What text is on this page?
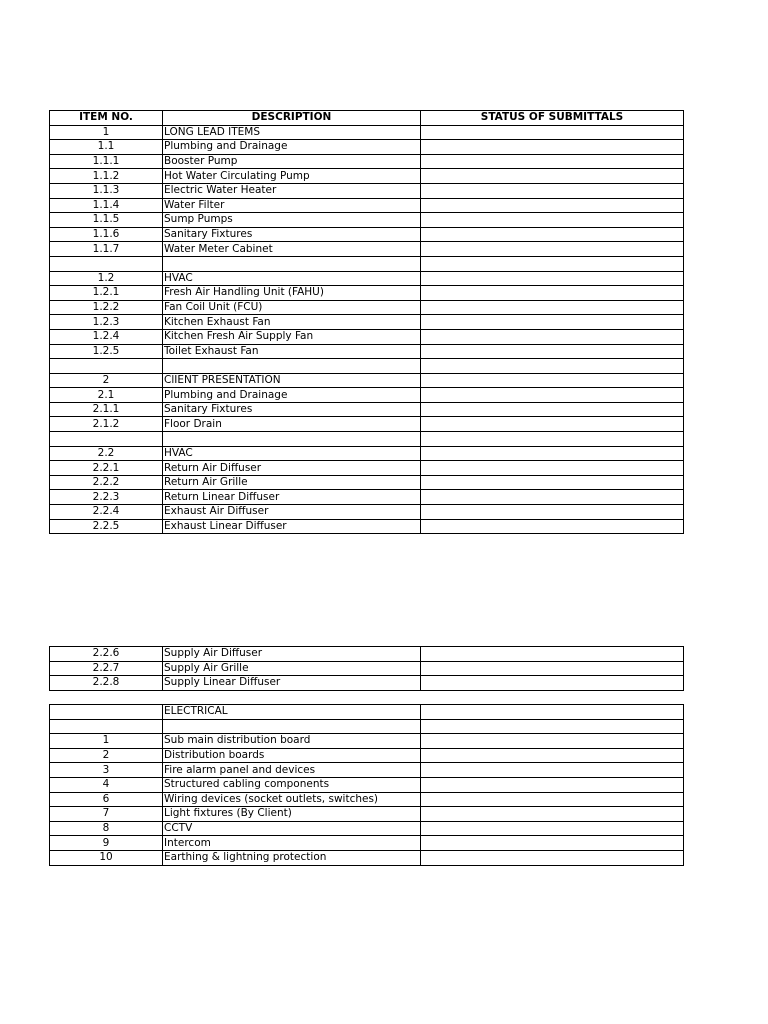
ITEM NO.	DESCRIPTION	STATUS OF SUBMITTALS
1	LONG LEAD ITEMS	
1.1	Plumbing and Drainage	
1.1.1	Booster Pump	
1.1.2	Hot Water Circulating Pump	
1.1.3	Electric Water Heater	
1.1.4	Water Filter	
1.1.5	Sump Pumps	
1.1.6	Sanitary Fixtures	
1.1.7	Water Meter Cabinet	

1.2	HVAC	
1.2.1	Fresh Air Handling Unit (FAHU)	
1.2.2	Fan Coil Unit (FCU)	
1.2.3	Kitchen Exhaust Fan	
1.2.4	Kitchen Fresh Air Supply Fan	
1.2.5	Toilet Exhaust Fan	

2	ClIENT PRESENTATION	
2.1	Plumbing and Drainage	
2.1.1	Sanitary Fixtures	
2.1.2	Floor Drain	

2.2	HVAC	
2.2.1	Return Air Diffuser	
2.2.2	Return Air Grille	
2.2.3	Return Linear Diffuser	
2.2.4	Exhaust Air Diffuser	
2.2.5	Exhaust Linear Diffuser	
2.2.6	Supply Air Diffuser	
2.2.7	Supply Air Grille	
2.2.8	Supply Linear Diffuser	
	ELECTRICAL	

1	Sub main distribution board	
2	Distribution boards	
3	Fire alarm panel and devices	
4	Structured cabling components	
6	Wiring devices (socket outlets, switches)	
7	Light fixtures (By Client)	
8	CCTV	
9	Intercom	
10	Earthing & lightning protection	
